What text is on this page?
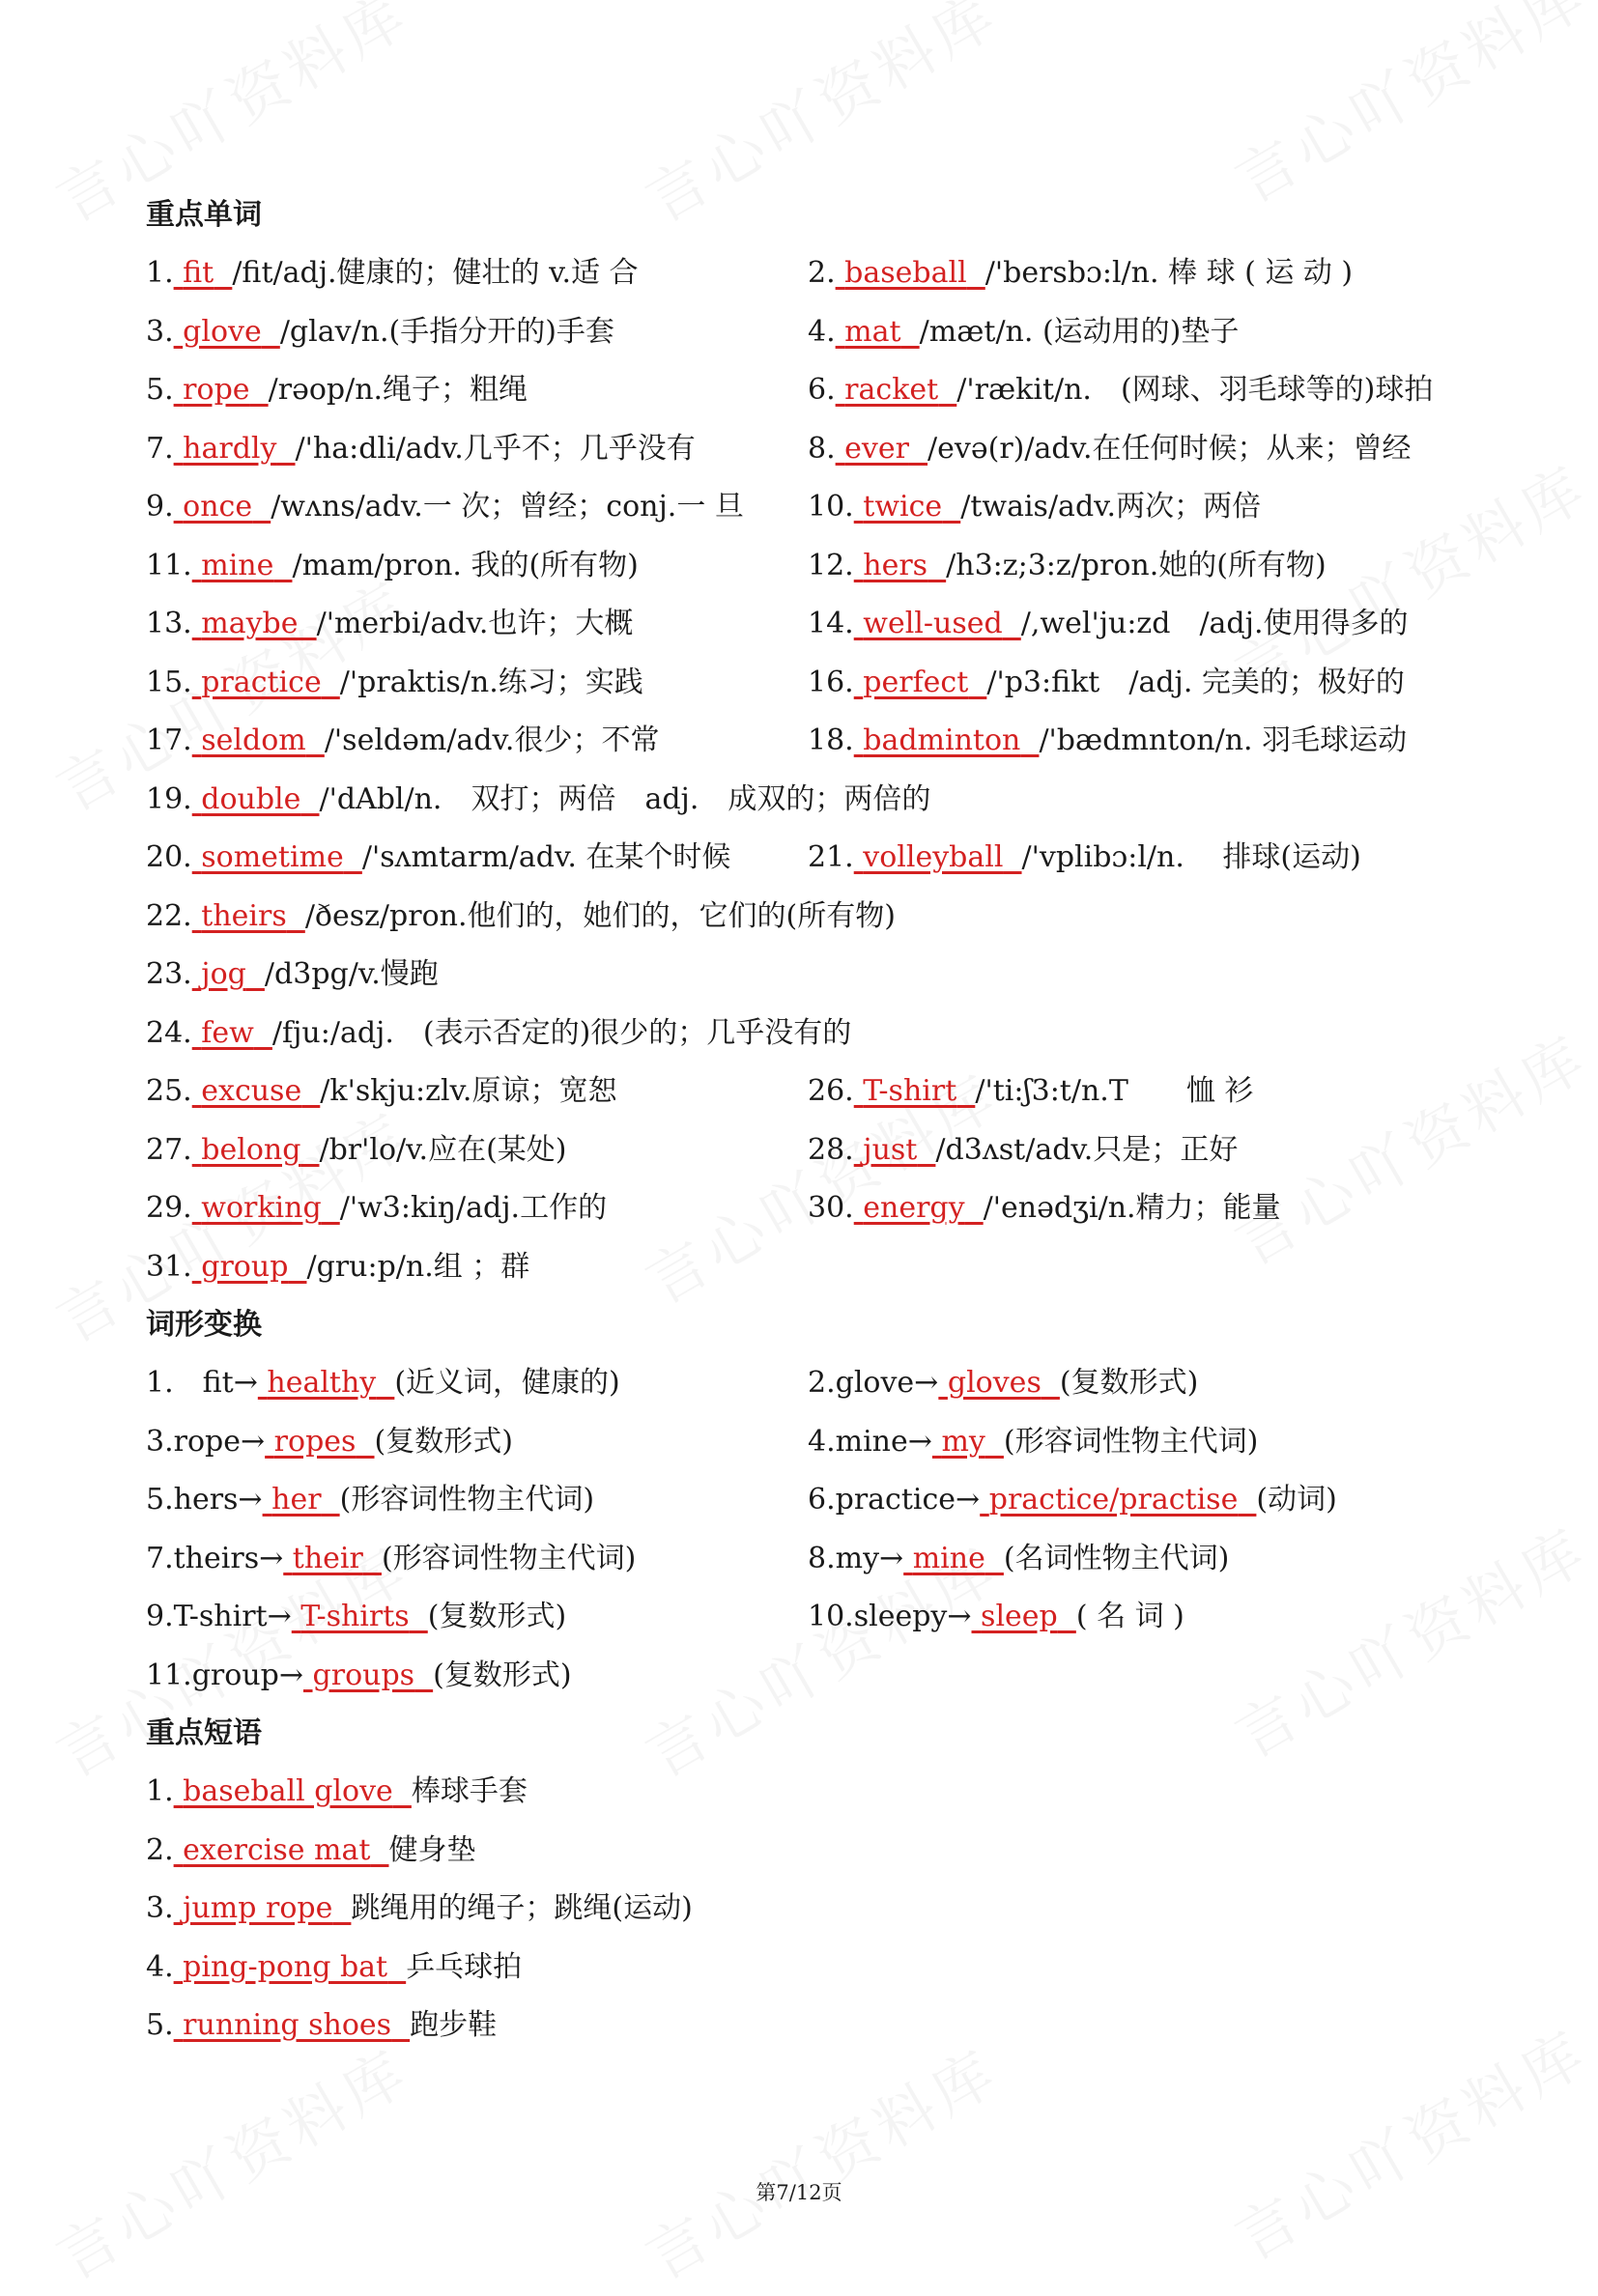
重点单词
1. fit /fit/adj.健康的；健壮的 v.适 合	2. baseball /'bersbɔ:l/n. 棒 球 ( 运 动 )
3. glove /glav/n.(手指分开的)手套	4. mat /mæt/n. (运动用的)垫子
5. rope /rəop/n.绳子；粗绳	6. racket /'rækit/n.　(网球、羽毛球等的)球拍
7. hardly /'ha:dli/adv.几乎不；几乎没有	8. ever /evə(r)/adv.在任何时候；从来；曾经
9. once /wʌns/adv.一 次；曾经；conj.一 旦	10. twice /twais/adv.两次；两倍
11. mine /mam/pron. 我的(所有物)	12. hers /h3:z;3:z/pron.她的(所有物)
13. maybe /'merbi/adv.也许；大概	14. well-used /,wel'ju:zd　/adj.使用得多的
15. practice /'praktis/n.练习；实践	16. perfect /'p3:fikt　/adj. 完美的；极好的
17. seldom /'seldəm/adv.很少；不常	18. badminton /'bædmnton/n. 羽毛球运动
19. double /'dAbl/n.　双打；两倍　adj.　成双的；两倍的
20. sometime /'sʌmtarm/adv. 在某个时候	21. volleyball /'vplibɔ:l/n.　 排球(运动)
22. theirs /ðesz/pron.他们的，她们的，它们的(所有物)
23. jog /d3pg/v.慢跑
24. few /fju:/adj.　(表示否定的)很少的；几乎没有的
25. excuse /k'skju:zlv.原谅；宽恕	26. T-shirt /'ti:ʃ3:t/n.T　　恤 衫
27. belong /br'lo/v.应在(某处)	28. just /d3ʌst/adv.只是；正好
29. working /'w3:kiŋ/adj.工作的	30. energy /'enədʒi/n.精力；能量
31. group /gru:p/n.组 ；群
词形变换
1.　fit→ healthy (近义词，健康的)	2.glove→ gloves (复数形式)
3.rope→ ropes (复数形式)	4.mine→ my (形容词性物主代词)
5.hers→ her (形容词性物主代词)	6.practice→ practice/practise (动词)
7.theirs→ their (形容词性物主代词)	8.my→ mine (名词性物主代词)
9.T-shirt→ T-shirts (复数形式)	10.sleepy→ sleep ( 名 词 )
11.group→ groups (复数形式)
重点短语
1. baseball glove 棒球手套
2. exercise mat 健身垫
3. jump rope 跳绳用的绳子；跳绳(运动)
4. ping-pong bat 乒乓球拍
5. running shoes 跑步鞋
第7/12页
